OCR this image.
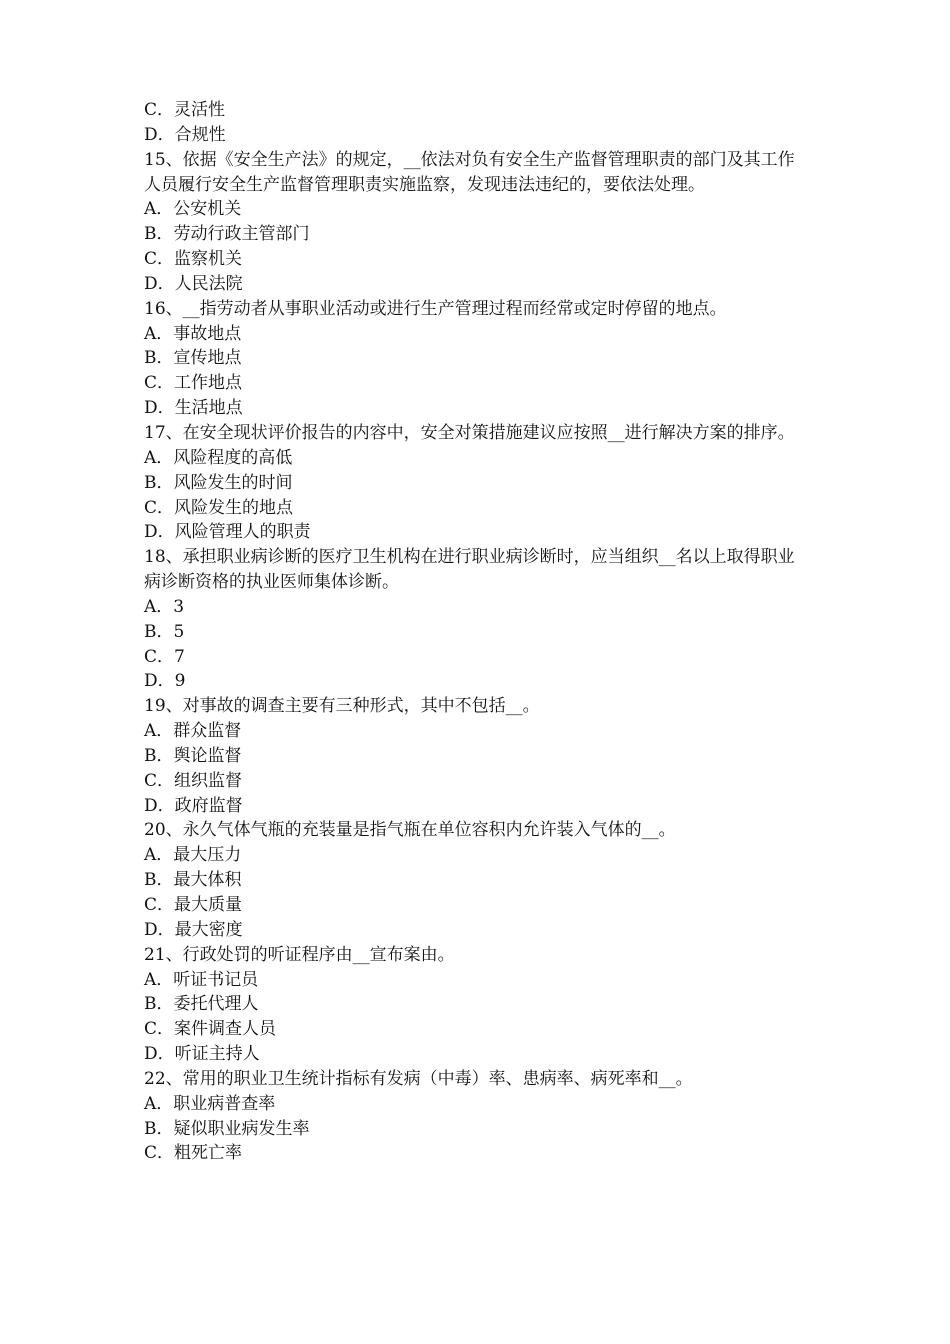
C．灵活性
D．合规性
15、依据《安全生产法》的规定，__依法对负有安全生产监督管理职责的部门及其工作人员履行安全生产监督管理职责实施监察，发现违法违纪的，要依法处理。
A．公安机关
B．劳动行政主管部门
C．监察机关
D．人民法院
16、__指劳动者从事职业活动或进行生产管理过程而经常或定时停留的地点。
A．事故地点
B．宣传地点
C．工作地点
D．生活地点
17、在安全现状评价报告的内容中，安全对策措施建议应按照__进行解决方案的排序。
A．风险程度的高低
B．风险发生的时间
C．风险发生的地点
D．风险管理人的职责
18、承担职业病诊断的医疗卫生机构在进行职业病诊断时，应当组织__名以上取得职业病诊断资格的执业医师集体诊断。
A．3
B．5
C．7
D．9
19、对事故的调查主要有三种形式，其中不包括__。
A．群众监督
B．舆论监督
C．组织监督
D．政府监督
20、永久气体气瓶的充装量是指气瓶在单位容积内允许装入气体的__。
A．最大压力
B．最大体积
C．最大质量
D．最大密度
21、行政处罚的听证程序由__宣布案由。
A．听证书记员
B．委托代理人
C．案件调查人员
D．听证主持人
22、常用的职业卫生统计指标有发病（中毒）率、患病率、病死率和__。
A．职业病普查率
B．疑似职业病发生率
C．粗死亡率
